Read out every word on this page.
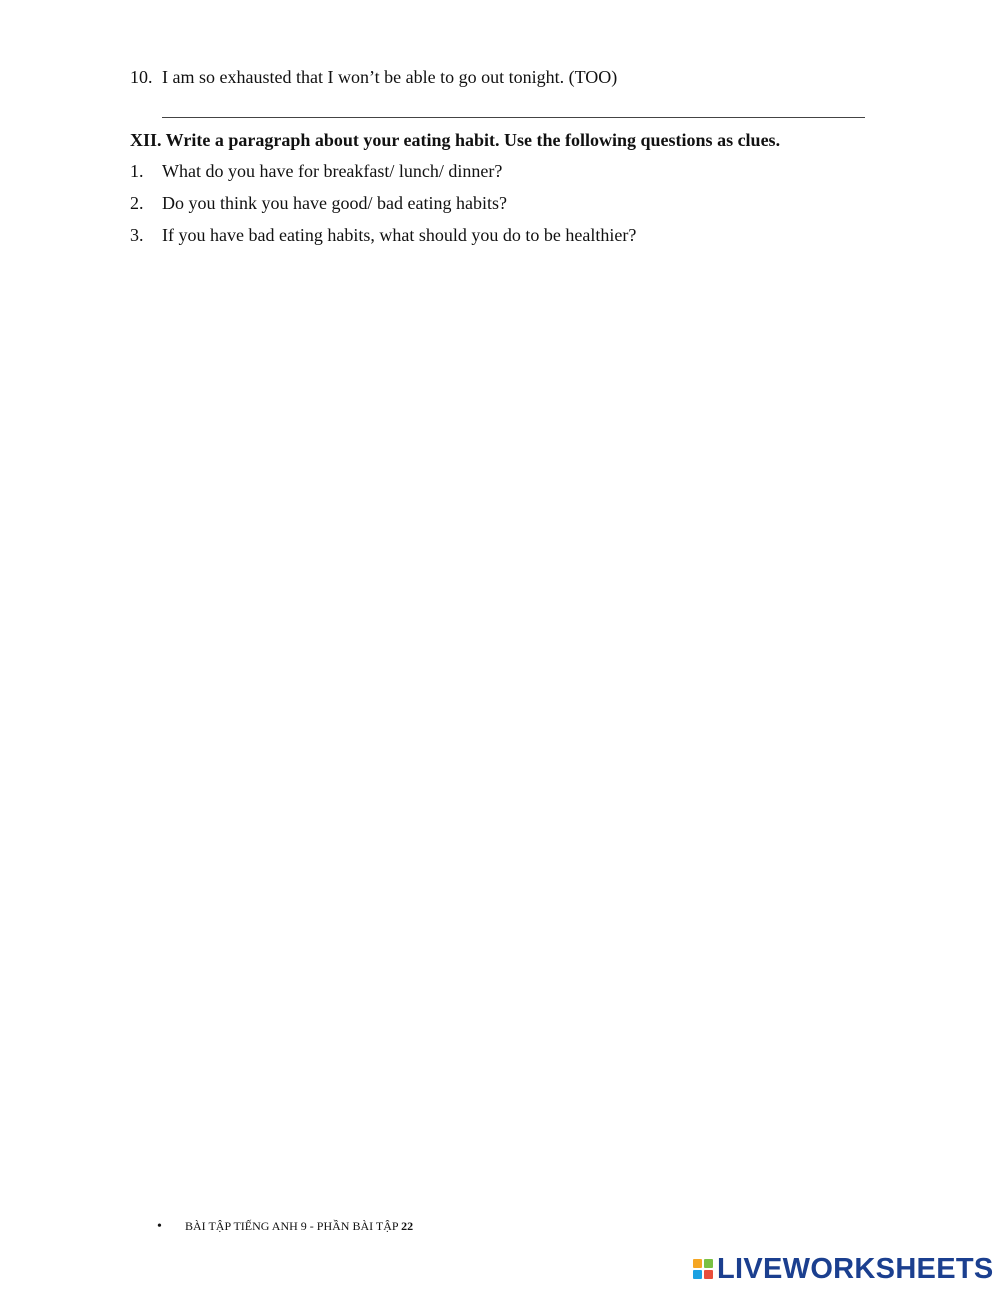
10. I am so exhausted that I won’t be able to go out tonight. (TOO)
XII. Write a paragraph about your eating habit. Use the following questions as clues.
1. What do you have for breakfast/ lunch/ dinner?
2. Do you think you have good/ bad eating habits?
3. If you have bad eating habits, what should you do to be healthier?
• BÀI TẬP TIẾNG ANH 9 - PHẦN BÀI TẬP 22
LIVEWORKSHEETS
